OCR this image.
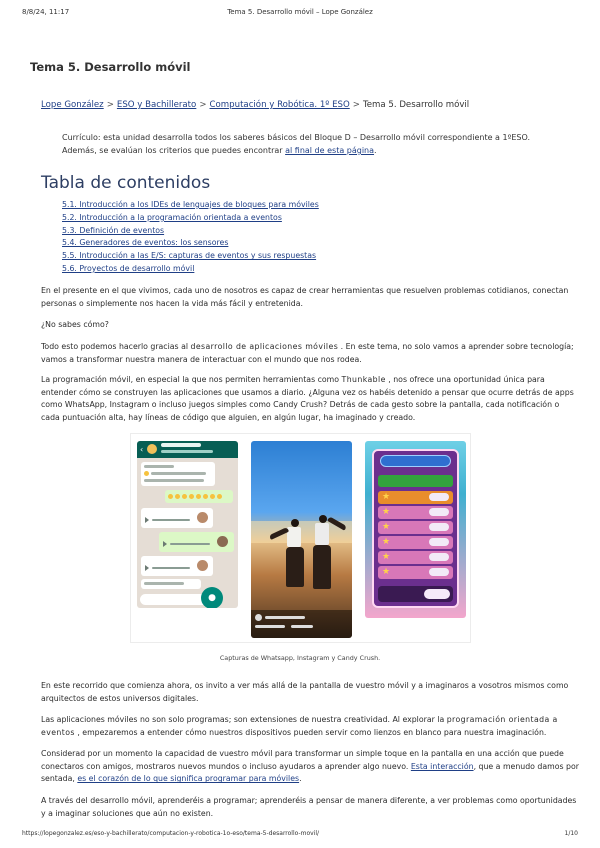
8/8/24, 11:17	Tema 5. Desarrollo móvil – Lope González
Tema 5. Desarrollo móvil
Lope González > ESO y Bachillerato > Computación y Robótica. 1º ESO > Tema 5. Desarrollo móvil
Currículo: esta unidad desarrolla todos los saberes básicos del Bloque D – Desarrollo móvil correspondiente a 1ºESO.
Además, se evalúan los criterios que puedes encontrar al final de esta página.
Tabla de contenidos
5.1. Introducción a los IDEs de lenguajes de bloques para móviles
5.2. Introducción a la programación orientada a eventos
5.3. Definición de eventos
5.4. Generadores de eventos: los sensores
5.5. Introducción a las E/S: capturas de eventos y sus respuestas
5.6. Proyectos de desarrollo móvil
En el presente en el que vivimos, cada uno de nosotros es capaz de crear herramientas que resuelven problemas cotidianos, conectan
personas o simplemente nos hacen la vida más fácil y entretenida.
¿No sabes cómo?
Todo esto podemos hacerlo gracias al desarrollo de aplicaciones móviles . En este tema, no solo vamos a aprender sobre tecnología;
vamos a transformar nuestra manera de interactuar con el mundo que nos rodea.
La programación móvil, en especial la que nos permiten herramientas como Thunkable , nos ofrece una oportunidad única para
entender cómo se construyen las aplicaciones que usamos a diario. ¿Alguna vez os habéis detenido a pensar que ocurre detrás de apps
como WhatsApp, Instagram o incluso juegos simples como Candy Crush? Detrás de cada gesto sobre la pantalla, cada notificación o
cada puntuación alta, hay líneas de código que alguien, en algún lugar, ha imaginado y creado.
‹
●

★
★
★
★
★
★
Capturas de Whatsapp, Instagram y Candy Crush.
En este recorrido que comienza ahora, os invito a ver más allá de la pantalla de vuestro móvil y a imaginaros a vosotros mismos como
arquitectos de estos universos digitales.
Las aplicaciones móviles no son solo programas; son extensiones de nuestra creatividad. Al explorar la programación orientada a
eventos , empezaremos a entender cómo nuestros dispositivos pueden servir como lienzos en blanco para nuestra imaginación.
Considerad por un momento la capacidad de vuestro móvil para transformar un simple toque en la pantalla en una acción que puede
conectaros con amigos, mostraros nuevos mundos o incluso ayudaros a aprender algo nuevo. Esta interacción, que a menudo damos por
sentada, es el corazón de lo que significa programar para móviles.
A través del desarrollo móvil, aprenderéis a programar; aprenderéis a pensar de manera diferente, a ver problemas como oportunidades
y a imaginar soluciones que aún no existen.
https://lopegonzalez.es/eso-y-bachillerato/computacion-y-robotica-1o-eso/tema-5-desarrollo-movil/	1/10
